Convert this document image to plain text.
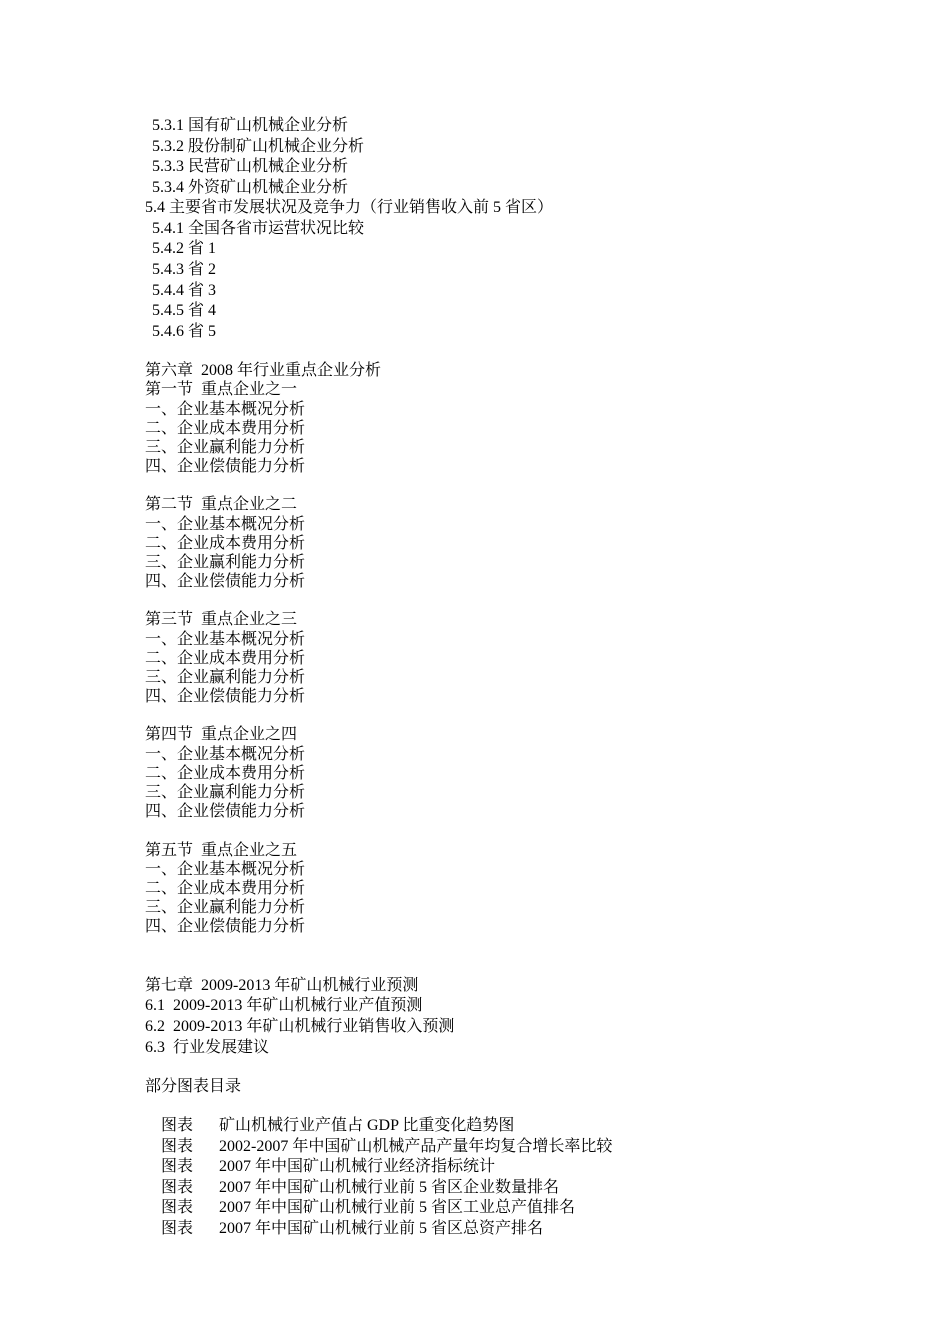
5.3.1 国有矿山机械企业分析
5.3.2 股份制矿山机械企业分析
5.3.3 民营矿山机械企业分析
5.3.4 外资矿山机械企业分析
5.4 主要省市发展状况及竞争力（行业销售收入前 5 省区）
5.4.1 全国各省市运营状况比较
5.4.2 省 1
5.4.3 省 2
5.4.4 省 3
5.4.5 省 4
5.4.6 省 5
第六章  2008 年行业重点企业分析
第一节  重点企业之一
一、企业基本概况分析
二、企业成本费用分析
三、企业赢利能力分析
四、企业偿债能力分析
第二节  重点企业之二
一、企业基本概况分析
二、企业成本费用分析
三、企业赢利能力分析
四、企业偿债能力分析
第三节  重点企业之三
一、企业基本概况分析
二、企业成本费用分析
三、企业赢利能力分析
四、企业偿债能力分析
第四节  重点企业之四
一、企业基本概况分析
二、企业成本费用分析
三、企业赢利能力分析
四、企业偿债能力分析
第五节  重点企业之五
一、企业基本概况分析
二、企业成本费用分析
三、企业赢利能力分析
四、企业偿债能力分析
第七章  2009-2013 年矿山机械行业预测
6.1  2009-2013 年矿山机械行业产值预测
6.2  2009-2013 年矿山机械行业销售收入预测
6.3  行业发展建议
部分图表目录

图表 矿山机械行业产值占 GDP 比重变化趋势图

图表 2002-2007 年中国矿山机械产品产量年均复合增长率比较

图表 2007 年中国矿山机械行业经济指标统计

图表 2007 年中国矿山机械行业前 5 省区企业数量排名

图表 2007 年中国矿山机械行业前 5 省区工业总产值排名

图表 2007 年中国矿山机械行业前 5 省区总资产排名
